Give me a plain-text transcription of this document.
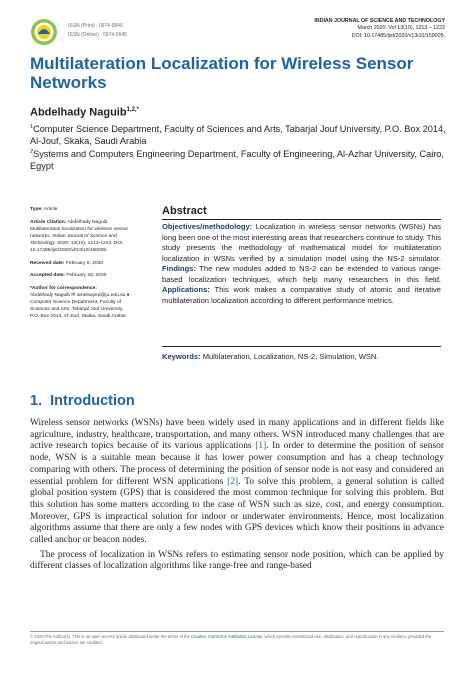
ISSN (Print) : 0974-6846
ISSN (Online) : 0974-5645
INDIAN JOURNAL OF SCIENCE AND TECHNOLOGY
March 2020, Vol 13(10), 1213 – 1223
DOI: 10.17485/ijst/2020/v13i10/150005,
Multilateration Localization for Wireless Sensor Networks
Abdelhady Naguib$^{1,2,*}$

$^1$Computer Science Department, Faculty of Sciences and Arts, Tabarjal Jouf University, P.O. Box 2014, Al-Jouf, Skaka, Saudi Arabia

$^2$Systems and Computers Engineering Department, Faculty of Engineering, Al-Azhar University, Cairo, Egypt

Type: Article

Article Citation: Abdelhady Naguib Multilateration localization for wireless sensor networks, Indian Journal of Science and Technology. 2020; 13(10), 1213-1223. DOI: 10.17485/ijst/2020/v013i10/150005.

Received date: February 6, 2020

Accepted date: February 28, 2020

*Author for correspondence:
Abdelhady Naguib ✉ amelsayed@ju.edu.sa ● Computer Science Department, Faculty of Sciences and Arts, Tabarjal Jouf University, P.O. Box 2014, Al-Jouf, Skaka, Saudi Arabia

Abstract

Objectives/methodology: Localization in wireless sensor networks (WSNs) has long been one of the most interesting areas that researchers continue to study. This study presents the methodology of mathematical model for multilateration localization in WSNs verified by a simulation model using the NS-2 simulator. Findings: The new modules added to NS-2 can be extended to various range-based localization techniques, which help many researchers in this field. Applications: This work makes a comparative study of atomic and iterative multilateration localization according to different performance metrics.

Keywords: Multilateration, Localization, NS-2, Simulation, WSN.
1. Introduction

Wireless sensor networks (WSNs) have been widely used in many applications and in different fields like agriculture, industry, healthcare, transportation, and many others. WSN introduced many challenges that are active research topics because of its various applications [1]. In order to determine the position of sensor node, WSN is a suitable mean because it has lower power consumption and has a cheap technology comparing with others. The process of determining the position of sensor node is not easy and considered an essential problem for different WSN applications [2]. To solve this problem, a general solution is called global position system (GPS) that is considered the most common technique for solving this problem. But this solution has some matters according to the case of WSN such as size, cost, and energy consumption. Moreover, GPS is impractical solution for indoor or underwater environments. Hence, most localization algorithms assume that there are only a few nodes with GPS devices which know their positions in advance called anchor or beacon nodes.

The process of localization in WSNs refers to estimating sensor node position, which can be applied by different classes of localization algorithms like range-free and range-based

© 2020 The Author(s). This is an open access article distributed under the terms of the Creative Commons Attribution License, which permits unrestricted use, distribution, and reproduction in any medium, provided the original author and source are credited.
